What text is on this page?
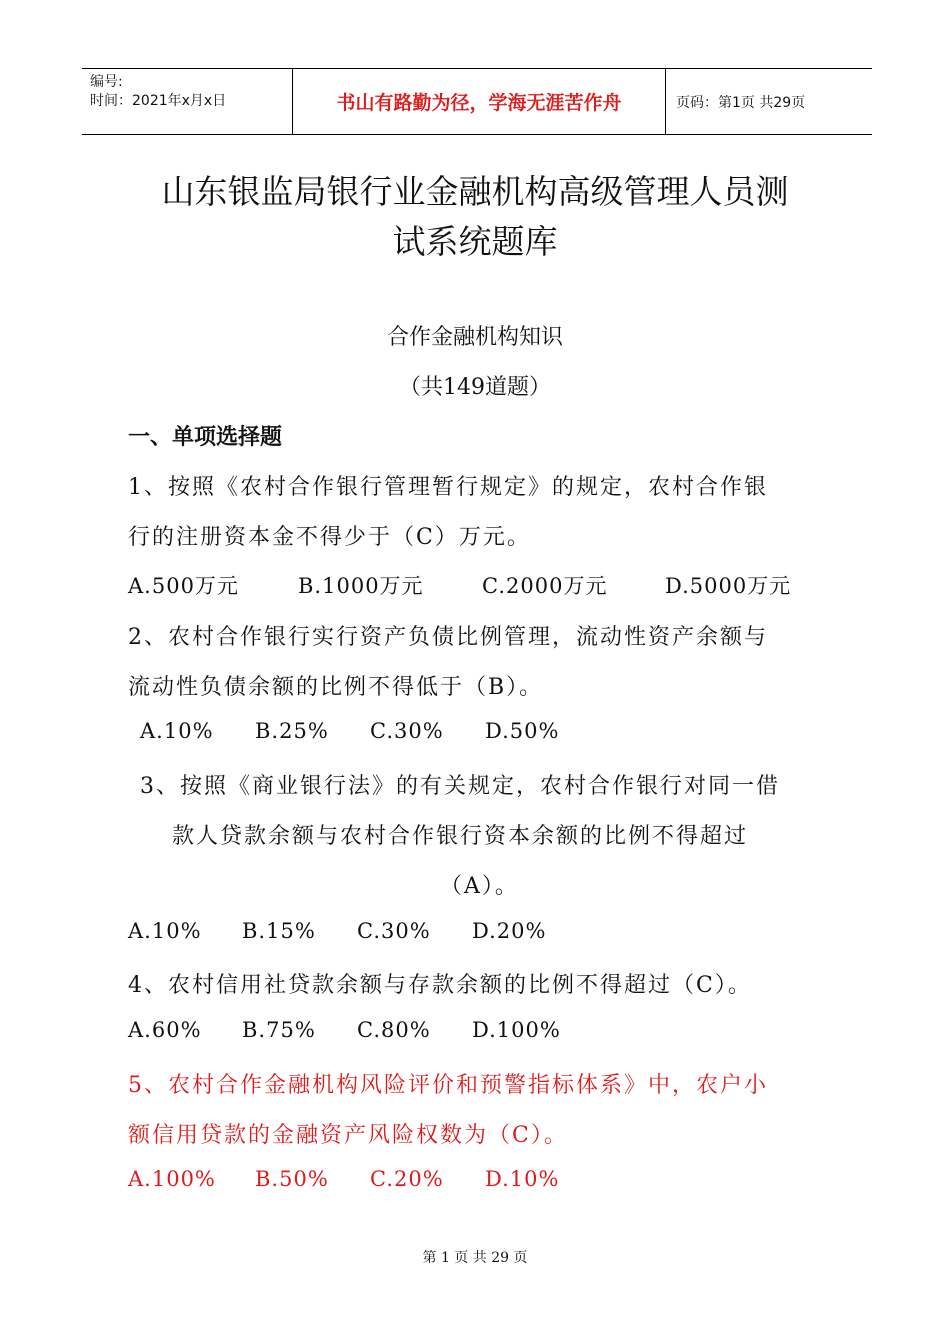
编号:
时间：2021年x月x日	书山有路勤为径，学海无涯苦作舟	页码：第1页 共29页
山东银监局银行业金融机构高级管理人员测
试系统题库
合作金融机构知识
（共149道题）
一、单项选择题
1、按照《农村合作银行管理暂行规定》的规定，农村合作银
行的注册资本金不得少于（C）万元。
A.500万元	B.1000万元	C.2000万元	D.5000万元
2、农村合作银行实行资产负债比例管理，流动性资产余额与
流动性负债余额的比例不得低于（B）。
A.10% B.25% C.30% D.50%
3、按照《商业银行法》的有关规定，农村合作银行对同一借
款人贷款余额与农村合作银行资本余额的比例不得超过
（A）。
A.10% B.15% C.30% D.20%
4、农村信用社贷款余额与存款余额的比例不得超过（C）。
A.60% B.75% C.80% D.100%
5、农村合作金融机构风险评价和预警指标体系》中，农户小
额信用贷款的金融资产风险权数为（C）。
A.100% B.50% C.20% D.10%
第 1 页 共 29 页
